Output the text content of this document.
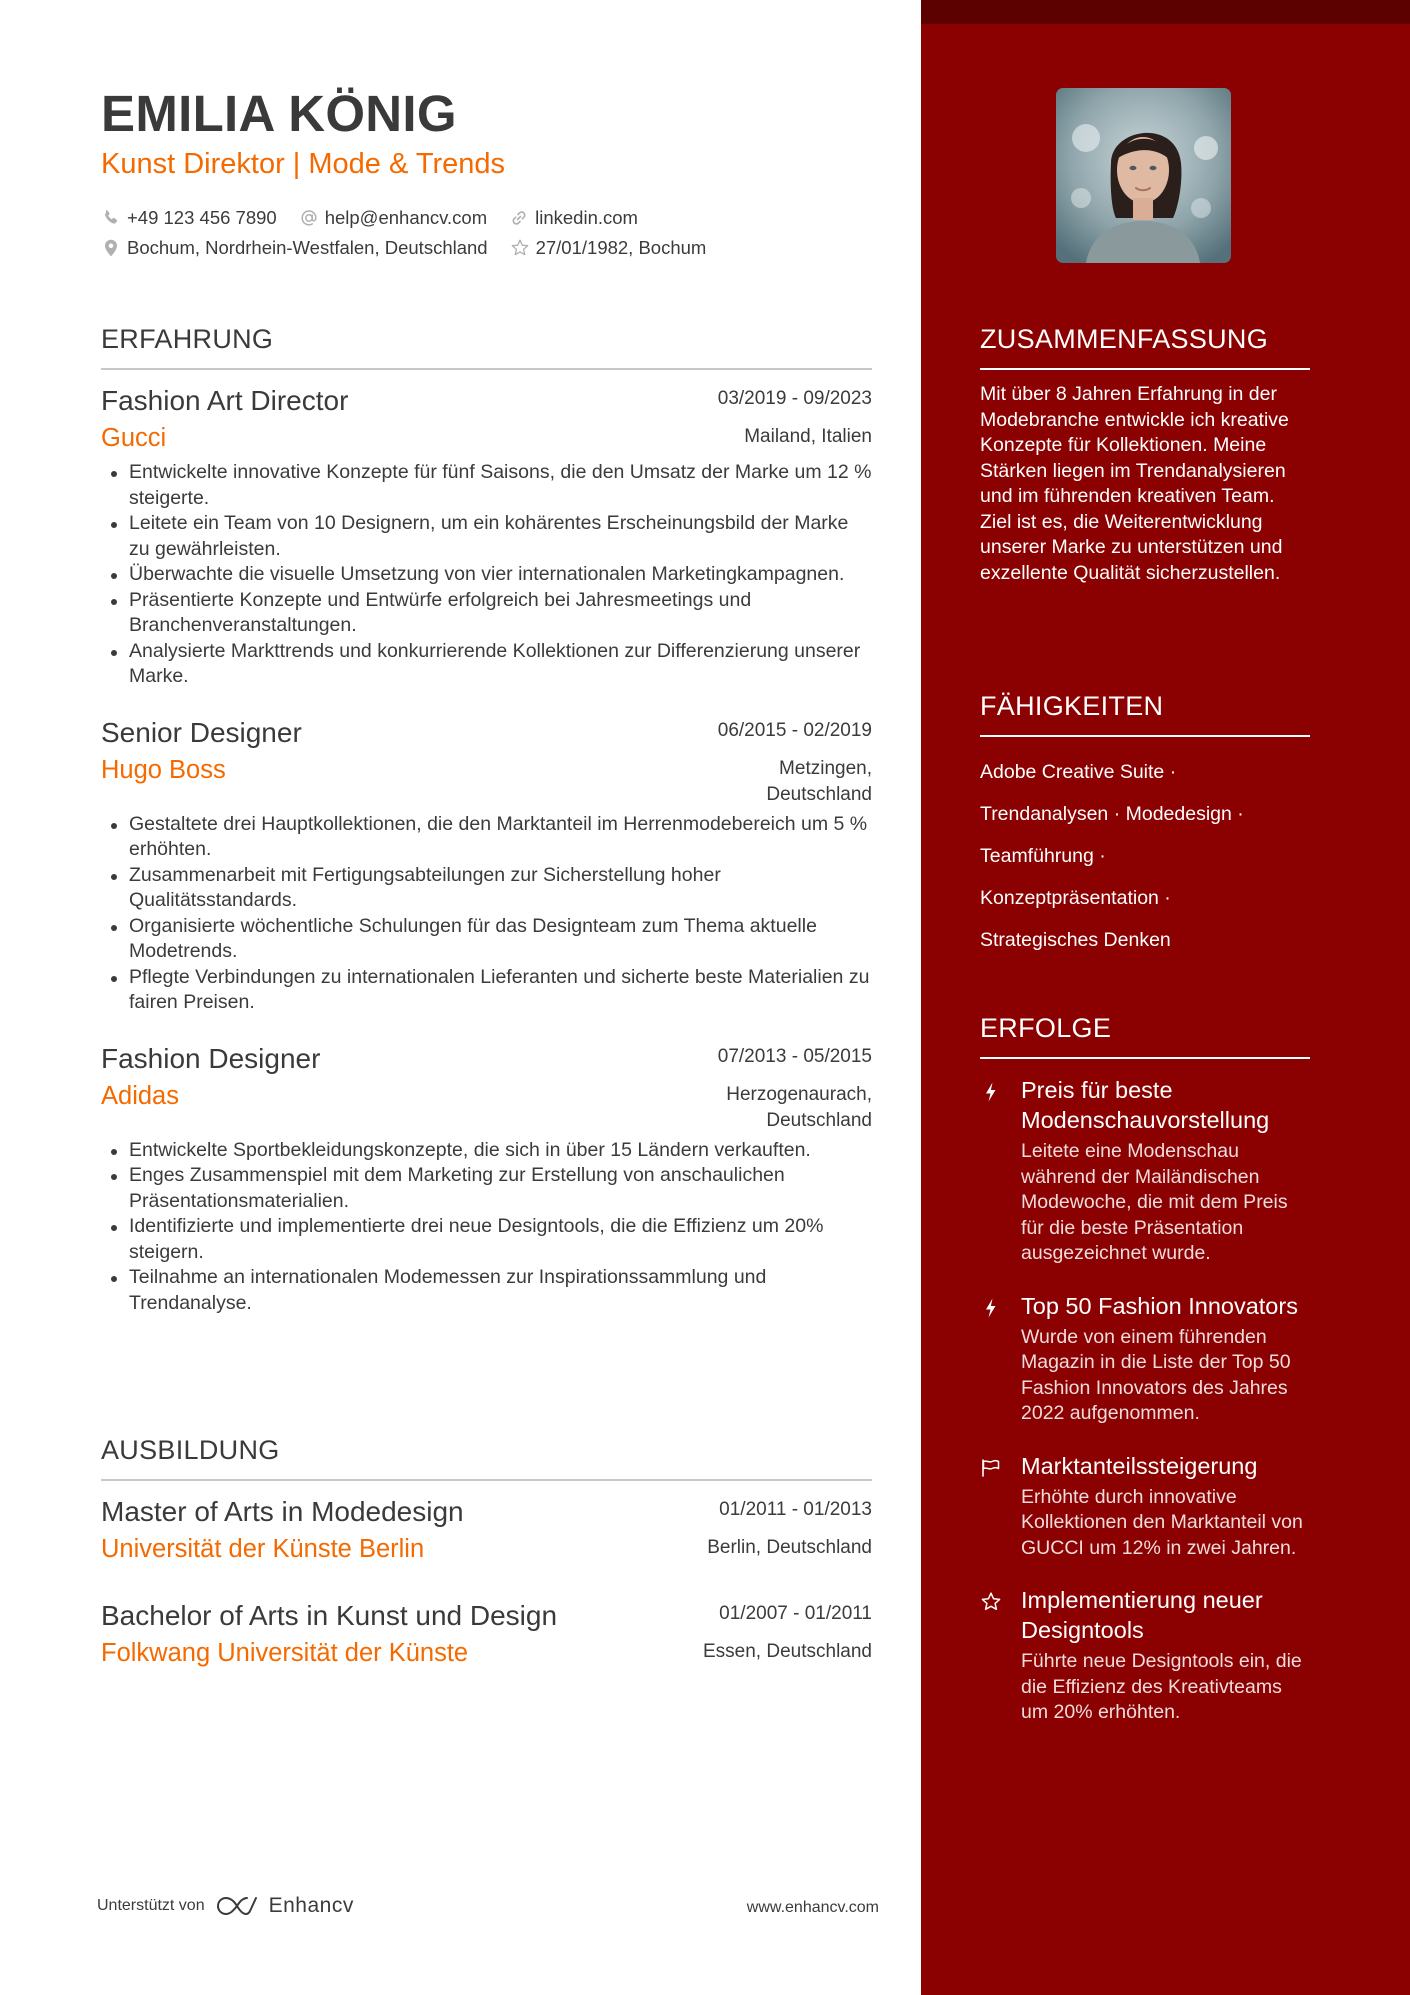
EMILIA KÖNIG
Kunst Direktor | Mode & Trends
+49 123 456 7890	help@enhancv.com	linkedin.com
Bochum, Nordrhein-Westfalen, Deutschland	27/01/1982, Bochum
ERFAHRUNG
Fashion Art Director	03/2019 - 09/2023
Gucci	Mailand, Italien
Entwickelte innovative Konzepte für fünf Saisons, die den Umsatz der Marke um 12 % steigerte.
Leitete ein Team von 10 Designern, um ein kohärentes Erscheinungsbild der Marke zu gewährleisten.
Überwachte die visuelle Umsetzung von vier internationalen Marketingkampagnen.
Präsentierte Konzepte und Entwürfe erfolgreich bei Jahresmeetings und Branchenveranstaltungen.
Analysierte Markttrends und konkurrierende Kollektionen zur Differenzierung unserer Marke.
Senior Designer	06/2015 - 02/2019
Hugo Boss	Metzingen,
Deutschland
Gestaltete drei Hauptkollektionen, die den Marktanteil im Herrenmodebereich um 5 % erhöhten.
Zusammenarbeit mit Fertigungsabteilungen zur Sicherstellung hoher Qualitätsstandards.
Organisierte wöchentliche Schulungen für das Designteam zum Thema aktuelle Modetrends.
Pflegte Verbindungen zu internationalen Lieferanten und sicherte beste Materialien zu fairen Preisen.
Fashion Designer	07/2013 - 05/2015
Adidas	Herzogenaurach,
Deutschland
Entwickelte Sportbekleidungskonzepte, die sich in über 15 Ländern verkauften.
Enges Zusammenspiel mit dem Marketing zur Erstellung von anschaulichen Präsentationsmaterialien.
Identifizierte und implementierte drei neue Designtools, die die Effizienz um 20% steigern.
Teilnahme an internationalen Modemessen zur Inspirationssammlung und Trendanalyse.
AUSBILDUNG
Master of Arts in Modedesign	01/2011 - 01/2013
Universität der Künste Berlin	Berlin, Deutschland
Bachelor of Arts in Kunst und Design	01/2007 - 01/2011
Folkwang Universität der Künste	Essen, Deutschland
Unterstützt von	Enhancv	www.enhancv.com
ZUSAMMENFASSUNG
Mit über 8 Jahren Erfahrung in der Modebranche entwickle ich kreative Konzepte für Kollektionen. Meine Stärken liegen im Trendanalysieren und im führenden kreativen Team. Ziel ist es, die Weiterentwicklung unserer Marke zu unterstützen und exzellente Qualität sicherzustellen.
FÄHIGKEITEN
Adobe Creative Suite ·
Trendanalysen · Modedesign ·
Teamführung ·
Konzeptpräsentation ·
Strategisches Denken
ERFOLGE
Preis für beste Modenschauvorstellung
Leitete eine Modenschau während der Mailändischen Modewoche, die mit dem Preis für die beste Präsentation ausgezeichnet wurde.
Top 50 Fashion Innovators
Wurde von einem führenden Magazin in die Liste der Top 50 Fashion Innovators des Jahres 2022 aufgenommen.
Marktanteilssteigerung
Erhöhte durch innovative Kollektionen den Marktanteil von GUCCI um 12% in zwei Jahren.
Implementierung neuer Designtools
Führte neue Designtools ein, die die Effizienz des Kreativteams um 20% erhöhten.
